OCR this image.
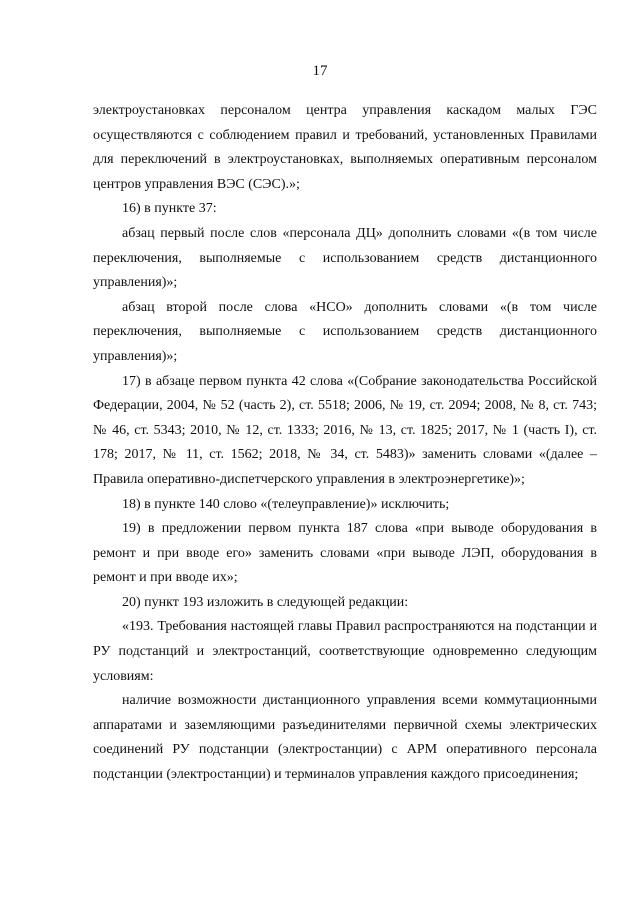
17

электроустановках персоналом центра управления каскадом малых ГЭС осуществляются с соблюдением правил и требований, установленных Правилами для переключений в электроустановках, выполняемых оперативным персоналом центров управления ВЭС (СЭС).»;

16) в пункте 37:

абзац первый после слов «персонала ДЦ» дополнить словами «(в том числе переключения, выполняемые с использованием средств дистанционного управления)»;

абзац второй после слова «НСО» дополнить словами «(в том числе переключения, выполняемые с использованием средств дистанционного управления)»;

17) в абзаце первом пункта 42 слова «(Собрание законодательства Российской Федерации, 2004, № 52 (часть 2), ст. 5518; 2006, № 19, ст. 2094; 2008, № 8, ст. 743; № 46, ст. 5343; 2010, № 12, ст. 1333; 2016, № 13, ст. 1825; 2017, № 1 (часть I), ст. 178; 2017, № 11, ст. 1562; 2018, № 34, ст. 5483)» заменить словами «(далее – Правила оперативно-диспетчерского управления в электроэнергетике)»;

18) в пункте 140 слово «(телеуправление)» исключить;

19) в предложении первом пункта 187 слова «при выводе оборудования в ремонт и при вводе его» заменить словами «при выводе ЛЭП, оборудования в ремонт и при вводе их»;

20) пункт 193 изложить в следующей редакции:

«193. Требования настоящей главы Правил распространяются на подстанции и РУ подстанций и электростанций, соответствующие одновременно следующим условиям:

наличие возможности дистанционного управления всеми коммутационными аппаратами и заземляющими разъединителями первичной схемы электрических соединений РУ подстанции (электростанции) с АРМ оперативного персонала подстанции (электростанции) и терминалов управления каждого присоединения;
